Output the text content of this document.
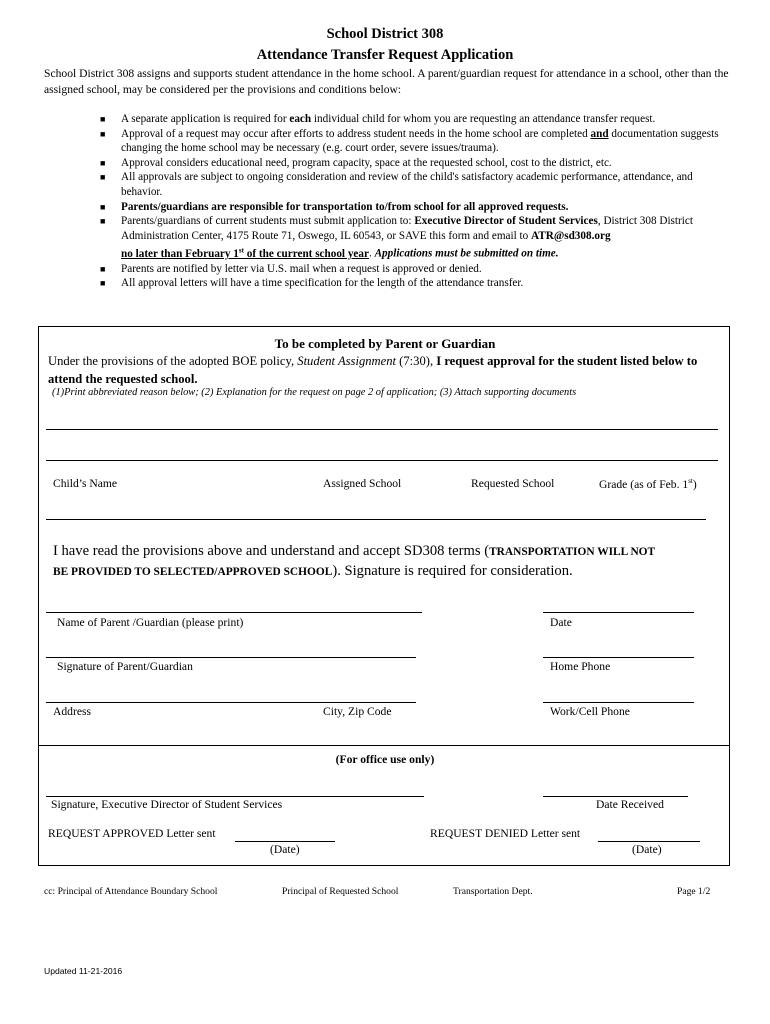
School District 308
Attendance Transfer Request Application
School District 308 assigns and supports student attendance in the home school. A parent/guardian request for attendance in a school, other than the assigned school, may be considered per the provisions and conditions below:
■ A separate application is required for each individual child for whom you are requesting an attendance transfer request.
■ Approval of a request may occur after efforts to address student needs in the home school are completed and documentation suggests changing the home school may be necessary (e.g. court order, severe issues/trauma).
■ Approval considers educational need, program capacity, space at the requested school, cost to the district, etc.
■ All approvals are subject to ongoing consideration and review of the child's satisfactory academic performance, attendance, and behavior.
■ Parents/guardians are responsible for transportation to/from school for all approved requests.
■ Parents/guardians of current students must submit application to: Executive Director of Student Services, District 308 District Administration Center, 4175 Route 71, Oswego, IL 60543, or SAVE this form and email to ATR@sd308.org
no later than February 1st of the current school year. Applications must be submitted on time.
■ Parents are notified by letter via U.S. mail when a request is approved or denied.
■ All approval letters will have a time specification for the length of the attendance transfer.
To be completed by Parent or Guardian
Under the provisions of the adopted BOE policy, Student Assignment (7:30), I request approval for the student listed below to attend the requested school.
(1)Print abbreviated reason below; (2) Explanation for the request on page 2 of application; (3) Attach supporting documents
Child’s Name	Assigned School	Requested School	Grade (as of Feb. 1st)
I have read the provisions above and understand and accept SD308 terms (TRANSPORTATION WILL NOT
BE PROVIDED TO SELECTED/APPROVED SCHOOL). Signature is required for consideration.
Name of Parent /Guardian (please print)	Date
Signature of Parent/Guardian	Home Phone
Address	City, Zip Code	Work/Cell Phone
(For office use only)
Signature, Executive Director of Student Services	Date Received
REQUEST APPROVED Letter sent
(Date)
REQUEST DENIED Letter sent
(Date)
cc: Principal of Attendance Boundary School	Principal of Requested School	Transportation Dept.	Page 1/2
Updated 11-21-2016
